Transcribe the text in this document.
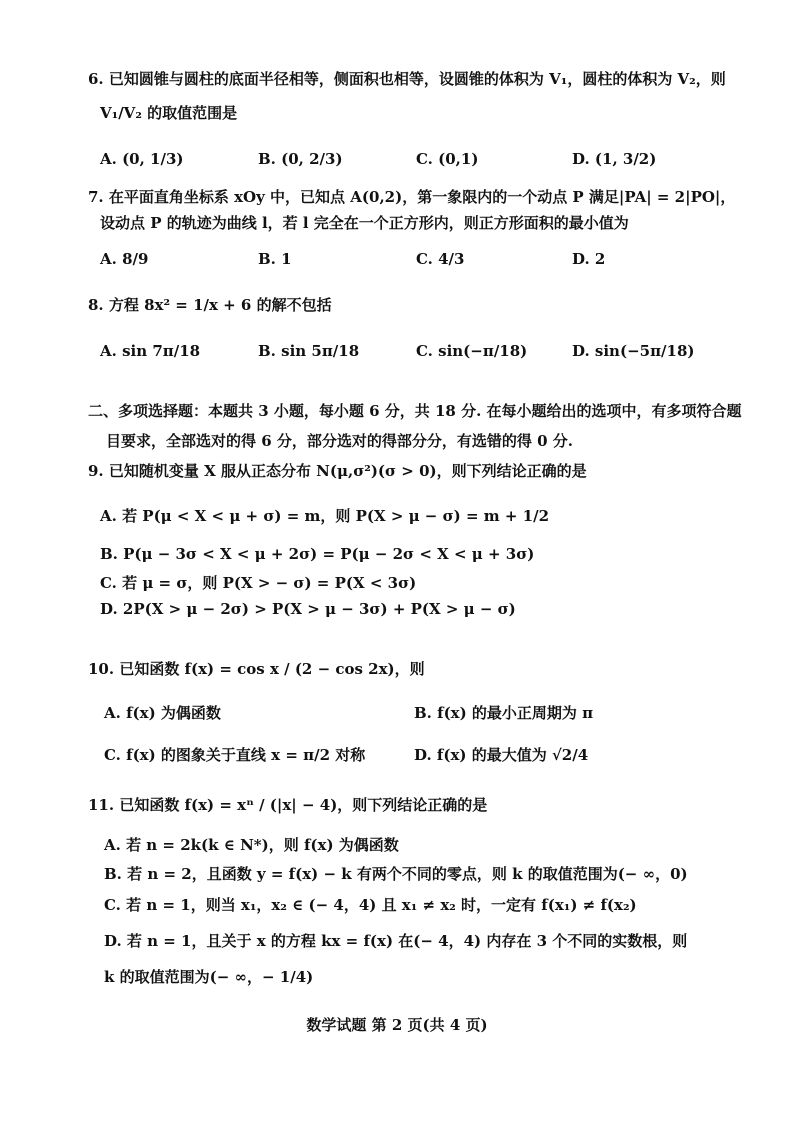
6. 已知圆锥与圆柱的底面半径相等，侧面积也相等，设圆锥的体积为 V₁，圆柱的体积为 V₂，则
V₁/V₂ 的取值范围是
A. (0, 1/3)	B. (0, 2/3)	C. (0,1)	D. (1, 3/2)
7. 在平面直角坐标系 xOy 中，已知点 A(0,2)，第一象限内的一个动点 P 满足|PA| = 2|PO|，
设动点 P 的轨迹为曲线 l，若 l 完全在一个正方形内，则正方形面积的最小值为
A. 8/9	B. 1	C. 4/3	D. 2
8. 方程 8x² = 1/x + 6 的解不包括
A. sin 7π/18	B. sin 5π/18	C. sin(−π/18)	D. sin(−5π/18)
二、多项选择题：本题共 3 小题，每小题 6 分，共 18 分. 在每小题给出的选项中，有多项符合题
目要求，全部选对的得 6 分，部分选对的得部分分，有选错的得 0 分.
9. 已知随机变量 X 服从正态分布 N(μ,σ²)(σ > 0)，则下列结论正确的是
A. 若 P(μ < X < μ + σ) = m，则 P(X > μ − σ) = m + 1/2
B. P(μ − 3σ < X < μ + 2σ) = P(μ − 2σ < X < μ + 3σ)
C. 若 μ = σ，则 P(X > − σ) = P(X < 3σ)
D. 2P(X > μ − 2σ) > P(X > μ − 3σ) + P(X > μ − σ)
10. 已知函数 f(x) = cos x / (2 − cos 2x)，则
A. f(x) 为偶函数	B. f(x) 的最小正周期为 π
C. f(x) 的图象关于直线 x = π/2 对称	D. f(x) 的最大值为 √2/4
11. 已知函数 f(x) = xⁿ / (|x| − 4)，则下列结论正确的是
A. 若 n = 2k(k ∈ N*)，则 f(x) 为偶函数
B. 若 n = 2，且函数 y = f(x) − k 有两个不同的零点，则 k 的取值范围为(− ∞，0)
C. 若 n = 1，则当 x₁，x₂ ∈ (− 4，4) 且 x₁ ≠ x₂ 时，一定有 f(x₁) ≠ f(x₂)
D. 若 n = 1，且关于 x 的方程 kx = f(x) 在(− 4，4) 内存在 3 个不同的实数根，则
k 的取值范围为(− ∞，− 1/4)
数学试题 第 2 页(共 4 页)
